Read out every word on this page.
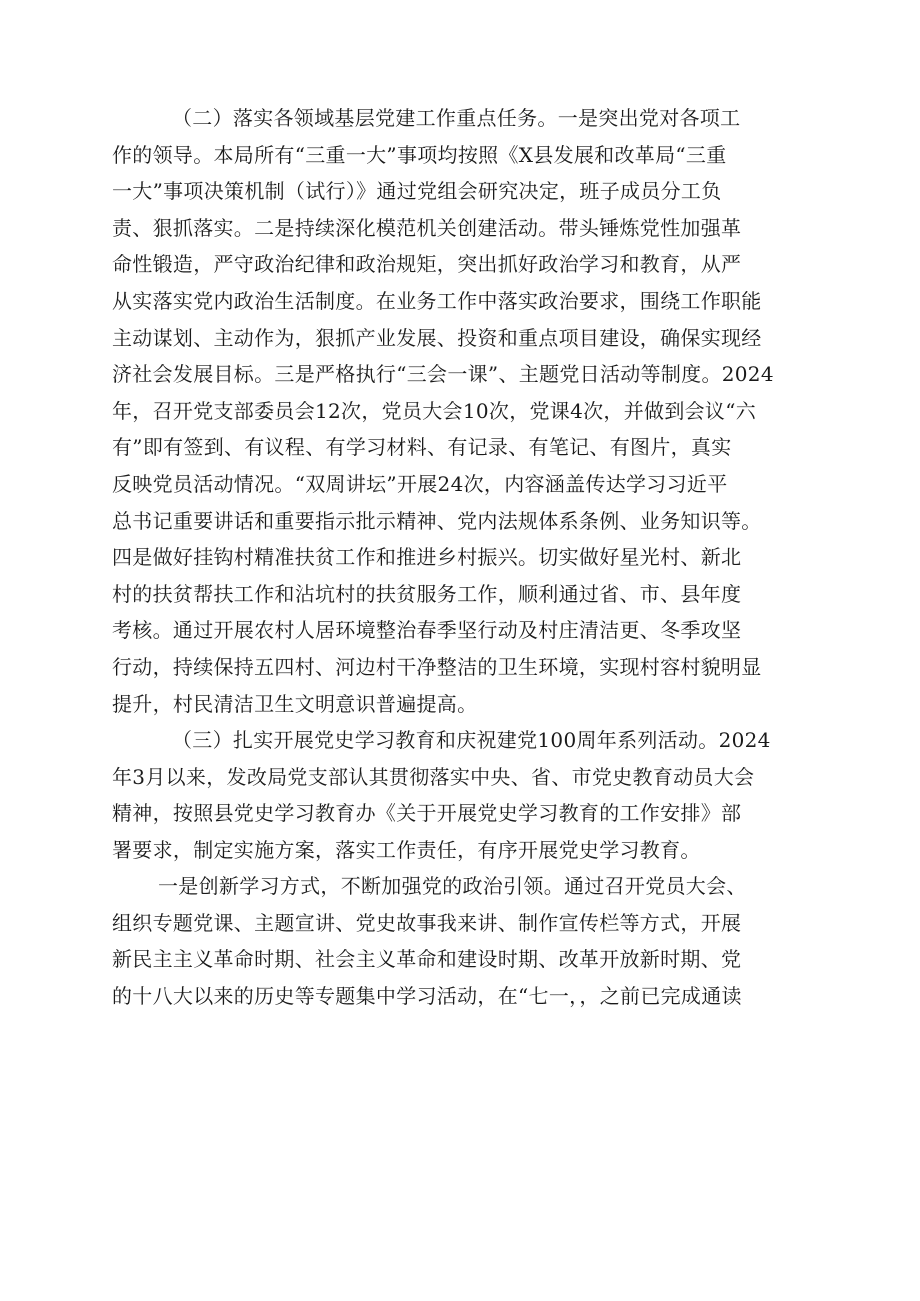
（二）落实各领域基层党建工作重点任务。一是突出党对各项工
作的领导。本局所有“三重一大”事项均按照《X县发展和改革局“三重
一大”事项决策机制（试行）》通过党组会研究决定，班子成员分工负
责、狠抓落实。二是持续深化模范机关创建活动。带头锤炼党性加强革
命性锻造，严守政治纪律和政治规矩，突出抓好政治学习和教育，从严
从实落实党内政治生活制度。在业务工作中落实政治要求，围绕工作职能
主动谋划、主动作为，狠抓产业发展、投资和重点项目建设，确保实现经
济社会发展目标。三是严格执行“三会一课”、主题党日活动等制度。2024
年，召开党支部委员会12次，党员大会10次，党课4次，并做到会议“六
有”即有签到、有议程、有学习材料、有记录、有笔记、有图片，真实
反映党员活动情况。“双周讲坛”开展24次，内容涵盖传达学习习近平
总书记重要讲话和重要指示批示精神、党内法规体系条例、业务知识等。
四是做好挂钩村精准扶贫工作和推进乡村振兴。切实做好星光村、新北
村的扶贫帮扶工作和沾坑村的扶贫服务工作，顺利通过省、市、县年度
考核。通过开展农村人居环境整治春季坚行动及村庄清洁更、冬季攻坚
行动，持续保持五四村、河边村干净整洁的卫生环境，实现村容村貌明显
提升，村民清洁卫生文明意识普遍提高。
（三）扎实开展党史学习教育和庆祝建党100周年系列活动。2024
年3月以来，发改局党支部认其贯彻落实中央、省、市党史教育动员大会
精神，按照县党史学习教育办《关于开展党史学习教育的工作安排》部
署要求，制定实施方案，落实工作责任，有序开展党史学习教育。
一是创新学习方式，不断加强党的政治引领。通过召开党员大会、
组织专题党课、主题宣讲、党史故事我来讲、制作宣传栏等方式，开展
新民主主义革命时期、社会主义革命和建设时期、改革开放新时期、党
的十八大以来的历史等专题集中学习活动，在“七一，，之前已完成通读
